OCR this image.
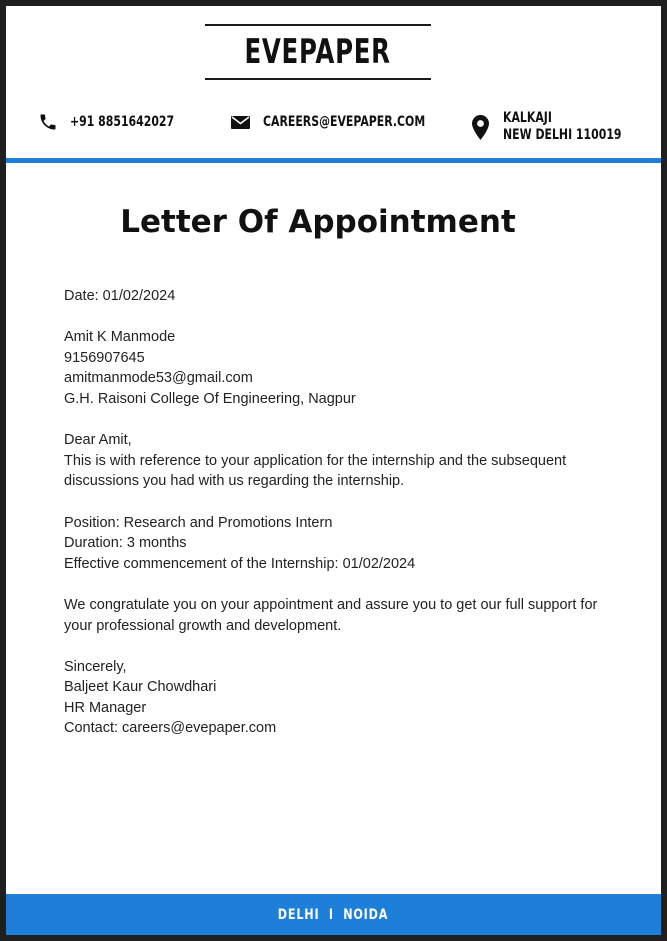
EVEPAPER
+91 8851642027	CAREERS@EVEPAPER.COM	KALKAJI
NEW DELHI 110019
Letter Of Appointment

Date: 01/02/2024

Amit K Manmode

9156907645

amitmanmode53@gmail.com

G.H. Raisoni College Of Engineering, Nagpur

Dear Amit,

This is with reference to your application for the internship and the subsequent discussions you had with us regarding the internship.

Position: Research and Promotions Intern

Duration: 3 months

Effective commencement of the Internship: 01/02/2024

We congratulate you on your appointment and assure you to get our full support for your professional growth and development.

Sincerely,

Baljeet Kaur Chowdhari

HR Manager

Contact: careers@evepaper.com

DELHI  I  NOIDA
